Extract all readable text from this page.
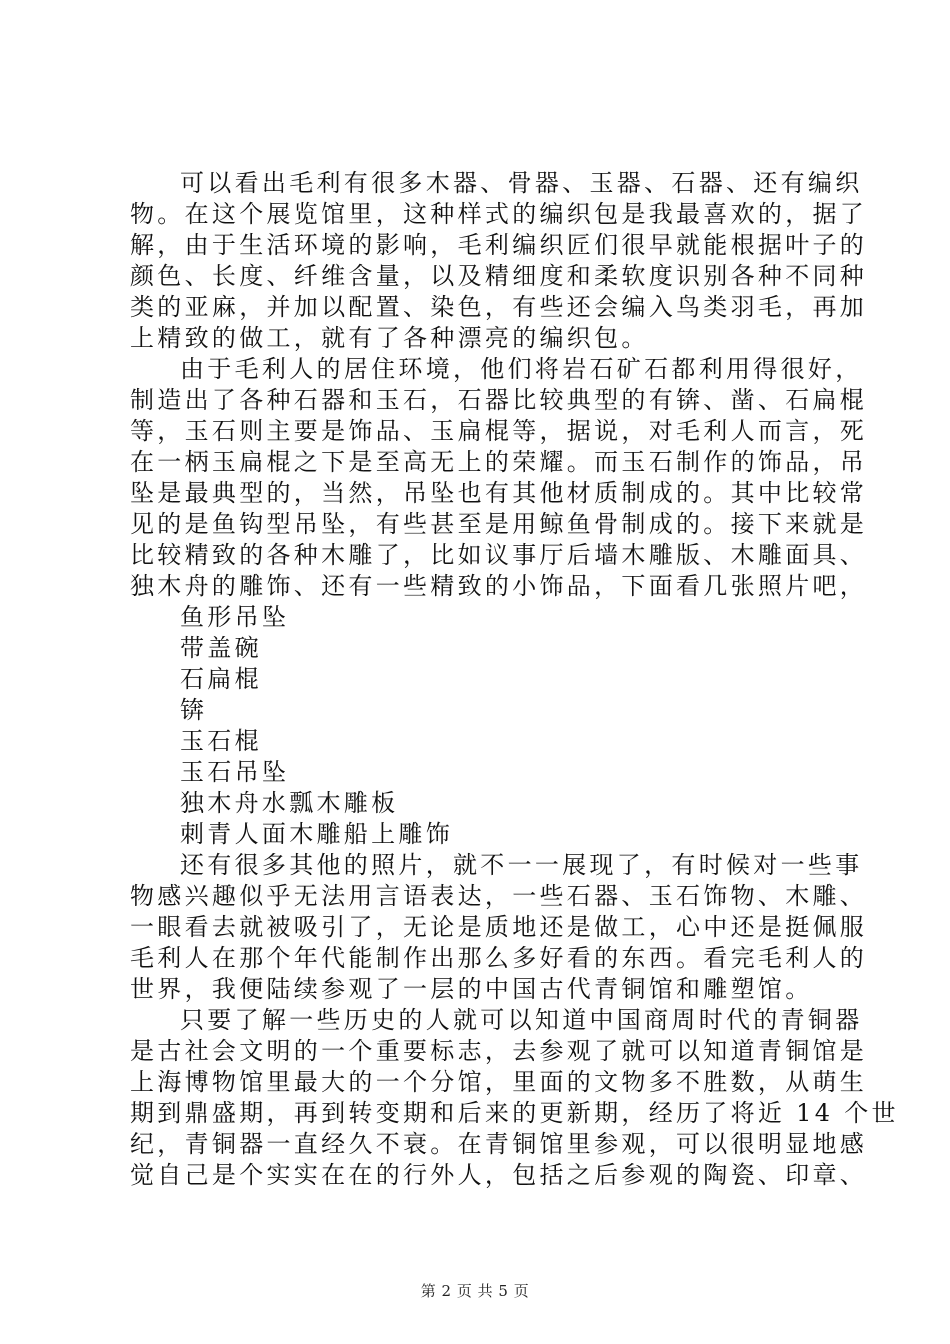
可以看出毛利有很多木器、骨器、玉器、石器、还有编织
物。在这个展览馆里，这种样式的编织包是我最喜欢的，据了
解，由于生活环境的影响，毛利编织匠们很早就能根据叶子的
颜色、长度、纤维含量，以及精细度和柔软度识别各种不同种
类的亚麻，并加以配置、染色，有些还会编入鸟类羽毛，再加
上精致的做工，就有了各种漂亮的编织包。
由于毛利人的居住环境，他们将岩石矿石都利用得很好，
制造出了各种石器和玉石，石器比较典型的有锛、凿、石扁棍
等，玉石则主要是饰品、玉扁棍等，据说，对毛利人而言，死
在一柄玉扁棍之下是至高无上的荣耀。而玉石制作的饰品，吊
坠是最典型的，当然，吊坠也有其他材质制成的。其中比较常
见的是鱼钩型吊坠，有些甚至是用鲸鱼骨制成的。接下来就是
比较精致的各种木雕了，比如议事厅后墙木雕版、木雕面具、
独木舟的雕饰、还有一些精致的小饰品，下面看几张照片吧，
鱼形吊坠
带盖碗
石扁棍
锛
玉石棍
玉石吊坠
独木舟水瓢木雕板
刺青人面木雕船上雕饰
还有很多其他的照片，就不一一展现了，有时候对一些事
物感兴趣似乎无法用言语表达，一些石器、玉石饰物、木雕、
一眼看去就被吸引了，无论是质地还是做工，心中还是挺佩服
毛利人在那个年代能制作出那么多好看的东西。看完毛利人的
世界，我便陆续参观了一层的中国古代青铜馆和雕塑馆。
只要了解一些历史的人就可以知道中国商周时代的青铜器
是古社会文明的一个重要标志，去参观了就可以知道青铜馆是
上海博物馆里最大的一个分馆，里面的文物多不胜数，从萌生
期到鼎盛期，再到转变期和后来的更新期，经历了将近 14 个世
纪，青铜器一直经久不衰。在青铜馆里参观，可以很明显地感
觉自己是个实实在在的行外人，包括之后参观的陶瓷、印章、
第 2 页 共 5 页
